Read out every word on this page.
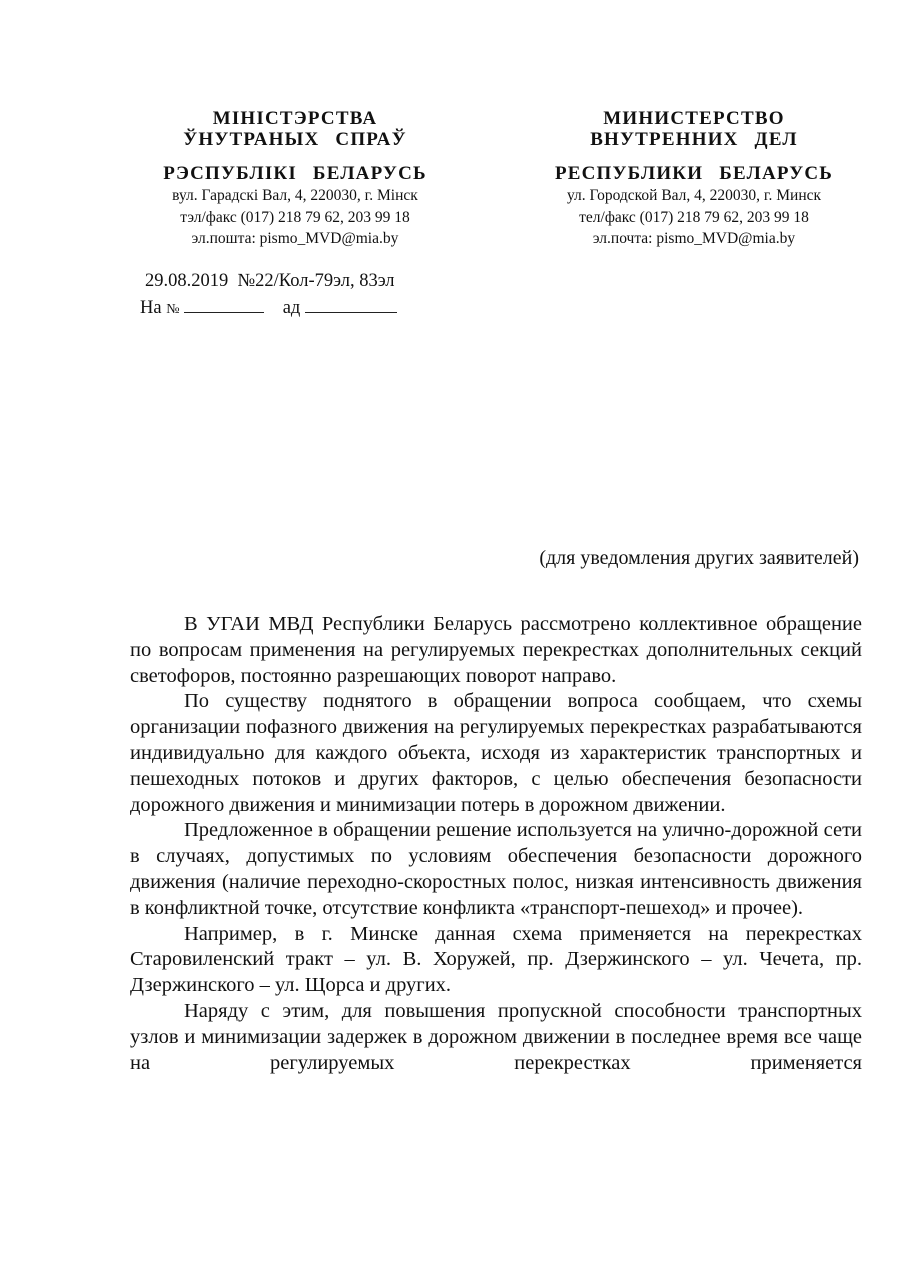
МІНІСТЭРСТВА
ЎНУТРАНЫХ СПРАЎ
РЭСПУБЛІКІ БЕЛАРУСЬ
вул. Гарадскі Вал, 4, 220030, г. Мінск
тэл/факс (017) 218 79 62, 203 99 18
эл.пошта: pismo_MVD@mia.by
МИНИСТЕРСТВО
ВНУТРЕННИХ ДЕЛ
РЕСПУБЛИКИ БЕЛАРУСЬ
ул. Городской Вал, 4, 220030, г. Минск
тел/факс (017) 218 79 62, 203 99 18
эл.почта: pismo_MVD@mia.by
29.08.2019 №22/Кол-79эл, 83эл
На №	ад
(для уведомления других заявителей)

В УГАИ МВД Республики Беларусь рассмотрено коллективное обращение по вопросам применения на регулируемых перекрестках дополнительных секций светофоров, постоянно разрешающих поворот направо.

По существу поднятого в обращении вопроса сообщаем, что схемы организации пофазного движения на регулируемых перекрестках разрабатываются индивидуально для каждого объекта, исходя из характеристик транспортных и пешеходных потоков и других факторов, с целью обеспечения безопасности дорожного движения и минимизации потерь в дорожном движении.

Предложенное в обращении решение используется на улично-дорожной сети в случаях, допустимых по условиям обеспечения безопасности дорожного движения (наличие переходно-скоростных полос, низкая интенсивность движения в конфликтной точке, отсутствие конфликта «транспорт-пешеход» и прочее).

Например, в г. Минске данная схема применяется на перекрестках Старовиленский тракт – ул. В. Хоружей, пр. Дзержинского – ул. Чечета, пр. Дзержинского – ул. Щорса и других.

Наряду с этим, для повышения пропускной способности транспортных узлов и минимизации задержек в дорожном движении в последнее время все чаще на регулируемых перекрестках применяется
